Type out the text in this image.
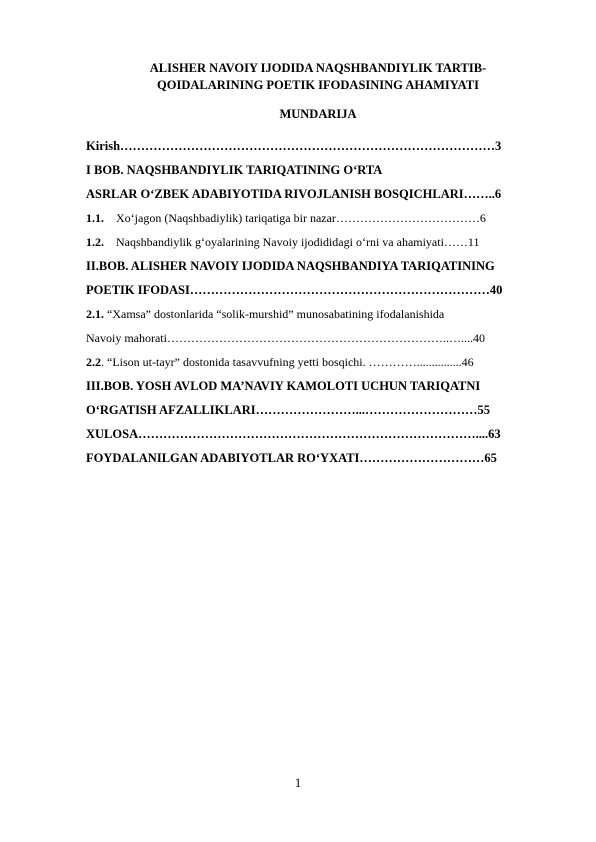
ALISHER NAVOIY IJODIDA NAQSHBANDIYLIK TARTIB-
QOIDALARINING POETIK IFODASINING AHAMIYATI
MUNDARIJA
Kirish………………………………………………………………………………3
I BOB. NAQSHBANDIYLIK TARIQATINING O‘RTA
ASRLAR O‘ZBEK ADABIYOTIDA RIVOJLANISH BOSQICHLARI……..6
1.1. Xo‘jagon (Naqshbadiylik) tariqatiga bir nazar………………………………6
1.2. Naqshbandiylik g‘oyalarining Navoiy ijodididagi o‘rni va ahamiyati……11
II.BOB. ALISHER NAVOIY IJODIDA NAQSHBANDIYA TARIQATINING
POETIK IFODASI………………………………………………………………40
2.1. “Xamsa” dostonlarida “solik-murshid” munosabatining ifodalanishida
Navoiy mahorati……………………………………………………………..…....40
2.2. “Lison ut-tayr” dostonida tasavvufning yetti bosqichi. …………...............46
III.BOB. YOSH AVLOD MA’NAVIY KAMOLOTI UCHUN TARIQATNI
O‘RGATISH AFZALLIKLARI……………………...………………………55
XULOSA………………………………………………………………………....63
FOYDALANILGAN ADABIYOTLAR RO‘YXATI…………………………65
1
